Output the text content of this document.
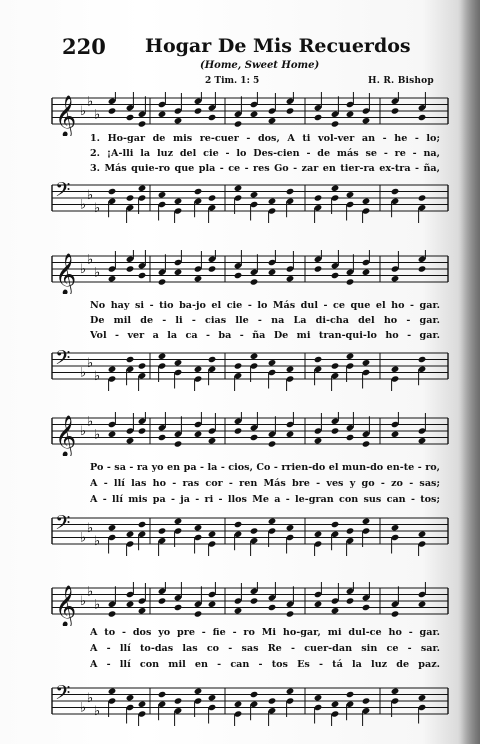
220 Hogar De Mis Recuerdos
(Home, Sweet Home)
2 Tim. 1: 5	H. R. Bishop
𝄞 ♭
♭
♭
1. Ho-gar de mis re-cuer - dos, A ti vol-ver an - he - lo;
2. ¡A-lli la luz del cie - lo Des-cien - de más se - re - na,
3. Más quie-ro que pla - ce - res Go - zar en tier-ra ex-tra - ña,
𝄢 ♭
♭
♭
𝄞 ♭
♭
♭
No hay si - tio ba-jo el cie - lo Más dul - ce que el ho - gar.
De mil de - li - cias lle - na La di-cha del ho - gar.
Vol - ver a la ca - ba - ña De mi tran-qui-lo ho - gar.
𝄢 ♭
♭
♭
𝄞 ♭
♭
♭
Po - sa - ra yo en pa - la - cios, Co - rrien-do el mun-do en-te - ro,
A - llí las ho - ras cor - ren Más bre - ves y go - zo - sas;
A - llí mis pa - ja - ri - llos Me a - le-gran con sus can - tos;
𝄢 ♭
♭
♭
𝄞 ♭
♭
♭
A to - dos yo pre - fie - ro Mi ho-gar, mi dul-ce ho - gar.
A - llí to-das las co - sas Re - cuer-dan sin ce - sar.
A - llí con mil en - can - tos Es - tá la luz de paz.
𝄢 ♭
♭
♭
